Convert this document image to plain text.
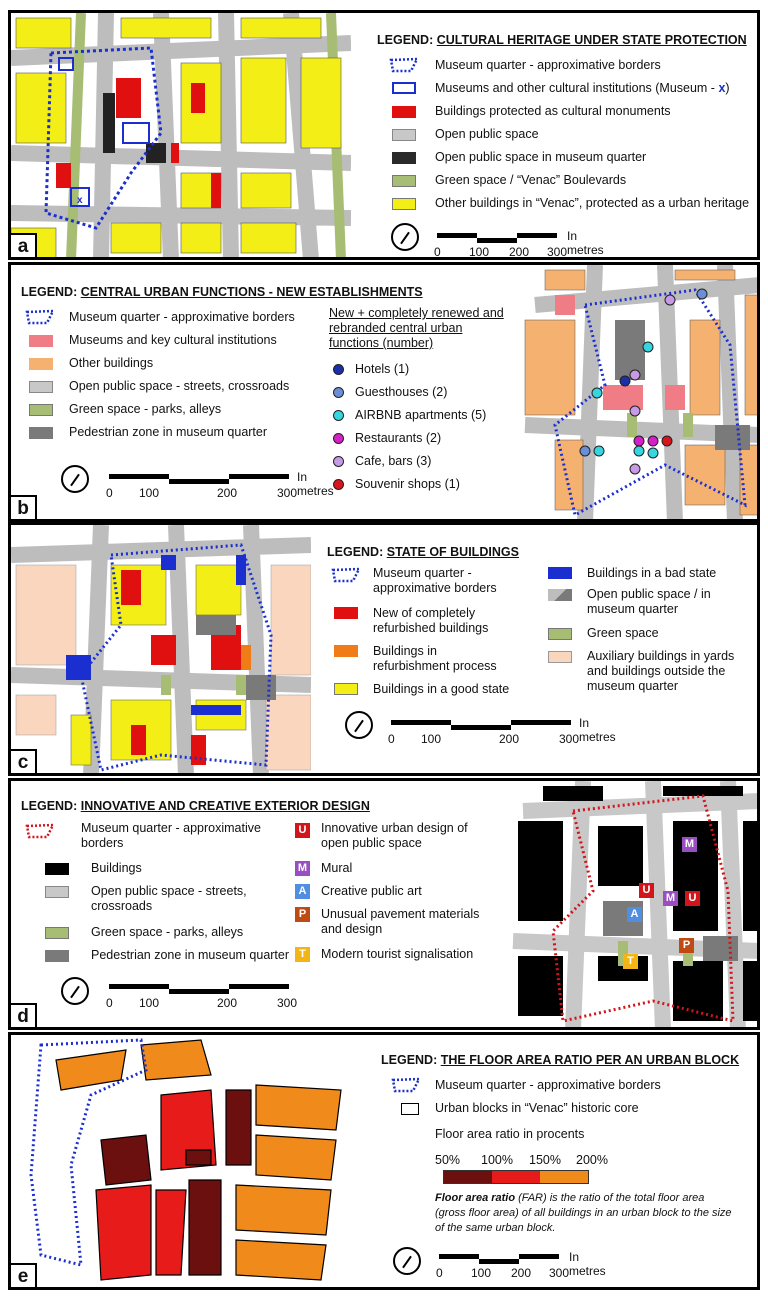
x
x
x
a
LEGEND: CULTURAL HERITAGE UNDER STATE PROTECTION
Museum quarter - approximative borders
Museums and other cultural institutions (Museum - x)
Buildings protected as cultural monuments
Open public space
Open public space in museum quarter
Green space / “Venac” Boulevards
Other buildings in “Venac”, protected as a urban heritage
0 100 200 300
In metres
LEGEND: CENTRAL URBAN FUNCTIONS - NEW ESTABLISHMENTS
Museum quarter - approximative borders
Museums and key cultural institutions
Other buildings
Open public space - streets, crossroads
Green space - parks, alleys
Pedestrian zone in museum quarter
New + completely renewed and
rebranded central urban
functions (number)
Hotels (1)
Guesthouses (2)
AIRBNB apartments (5)
Restaurants (2)
Cafe, bars (3)
Souvenir shops (1)
0 100	200	300
In metres
b
c
LEGEND: STATE OF BUILDINGS
Museum quarter -
approximative borders
New of completely
refurbished buildings
Buildings in
refurbishment process
Buildings in a good state
Buildings in a bad state
Open public space / in
museum quarter
Green space
Auxiliary buildings in yards
and buildings outside the
museum quarter
0 100	200	300
In metres
LEGEND: INNOVATIVE AND CREATIVE EXTERIOR DESIGN
Museum quarter - approximative
borders
Buildings
Open public space - streets,
crossroads
Green space - parks, alleys
Pedestrian zone in museum quarter
U Innovative urban design of
open public space
M Mural
A Creative public art
P	Unusual pavement materials
and design
T	Modern tourist signalisation
0 100	200	300
M
U
M	U
A
T
P
d
e
LEGEND: THE FLOOR AREA RATIO PER AN URBAN BLOCK
Museum quarter - approximative borders
Urban blocks in “Venac” historic core
Floor area ratio in procents
50% 100% 150% 200%
Floor area ratio (FAR) is the ratio of the total floor area (gross floor area) of all buildings in an urban block to the size of the same urban block.
0 100 200 300
In metres
